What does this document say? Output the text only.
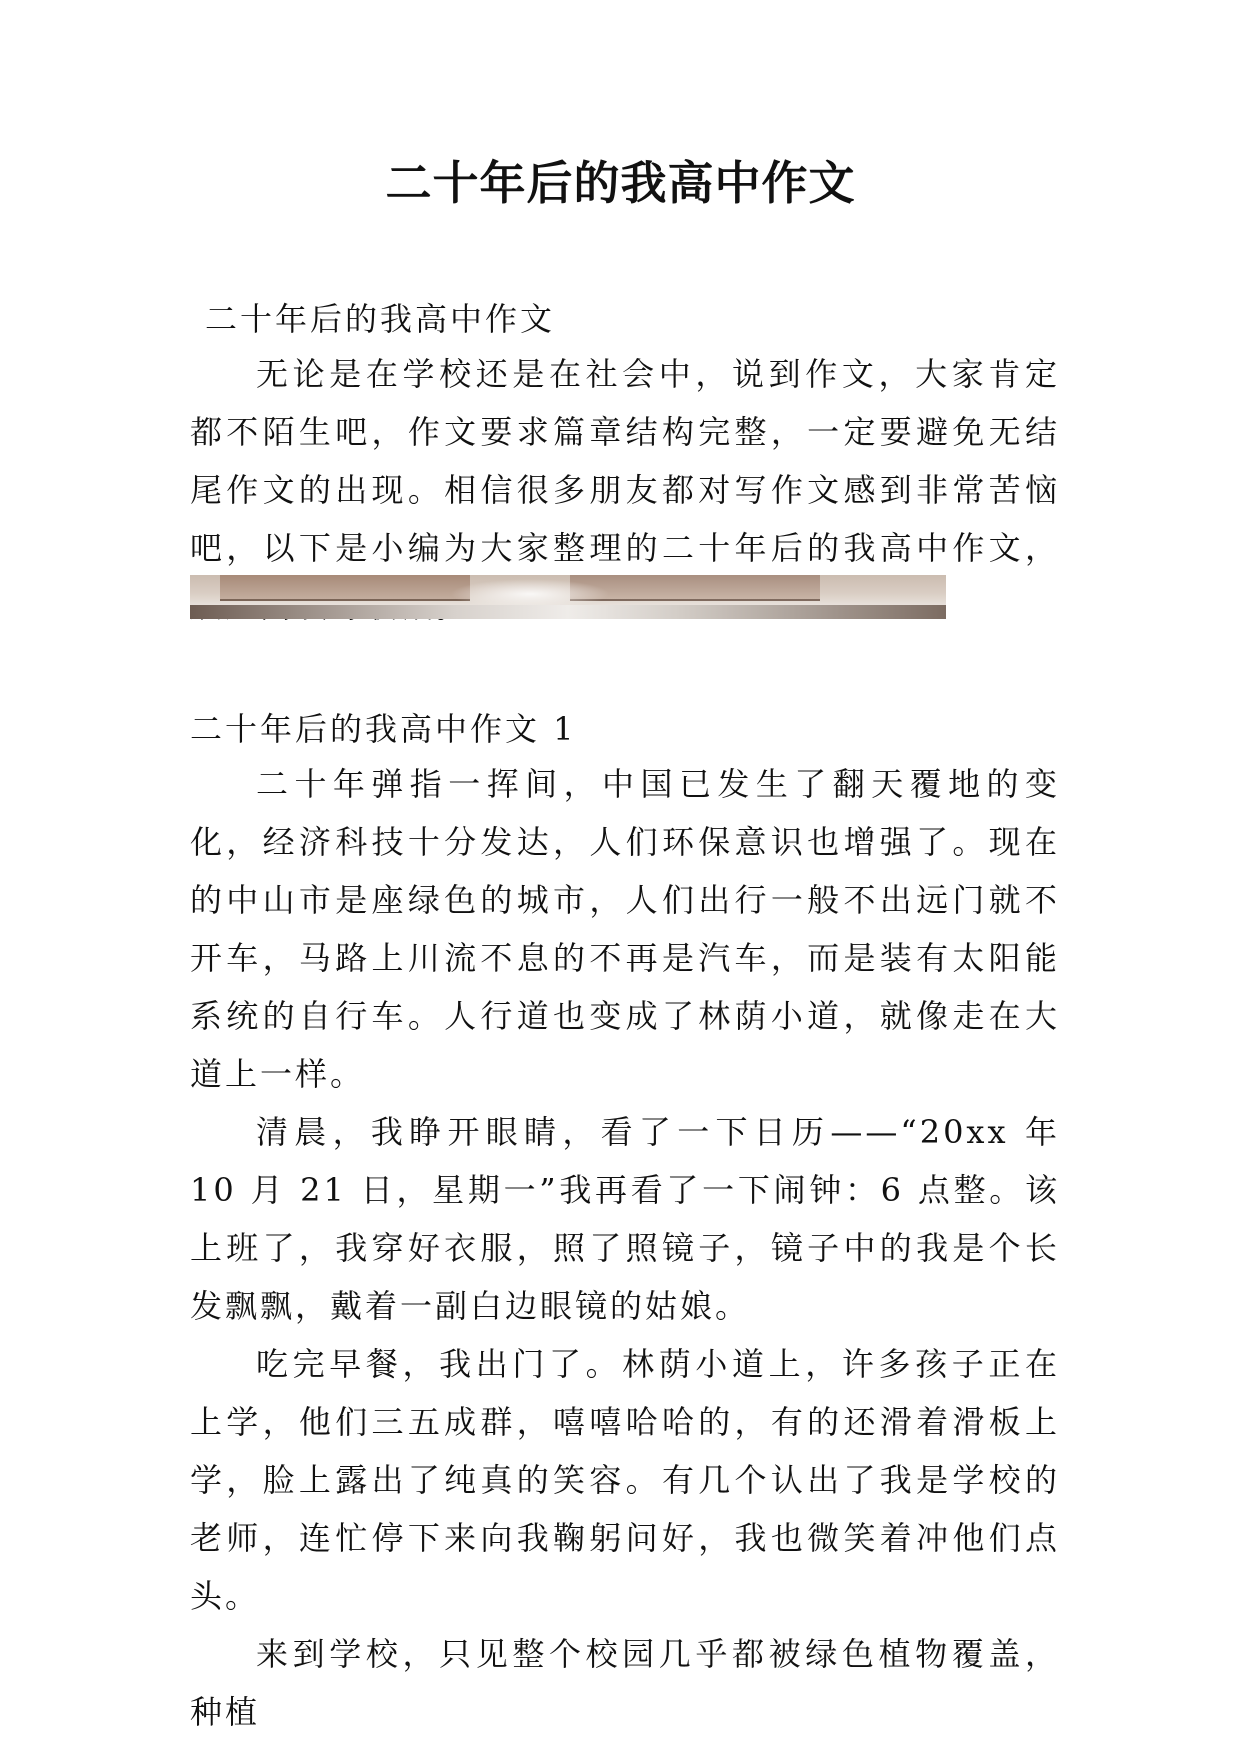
二十年后的我高中作文
二十年后的我高中作文

无论是在学校还是在社会中，说到作文，大家肯定都不陌生吧，作文要求篇章结构完整，一定要避免无结尾作文的出现。相信很多朋友都对写作文感到非常苦恼吧，以下是小编为大家整理的二十年后的我高中作文，

二十年后的我高中作文 1

二十年弹指一挥间，中国已发生了翻天覆地的变化，经济科技十分发达，人们环保意识也增强了。现在的中山市是座绿色的城市，人们出行一般不出远门就不开车，马路上川流不息的不再是汽车，而是装有太阳能系统的自行车。人行道也变成了林荫小道，就像走在大道上一样。

清晨，我睁开眼睛，看了一下日历——“20xx 年 10 月 21 日，星期一”我再看了一下闹钟：6 点整。该上班了，我穿好衣服，照了照镜子，镜子中的我是个长发飘飘，戴着一副白边眼镜的姑娘。

吃完早餐，我出门了。林荫小道上，许多孩子正在上学，他们三五成群，嘻嘻哈哈的，有的还滑着滑板上学，脸上露出了纯真的笑容。有几个认出了我是学校的老师，连忙停下来向我鞠躬问好，我也微笑着冲他们点头。

来到学校，只见整个校园几乎都被绿色植物覆盖，种植
